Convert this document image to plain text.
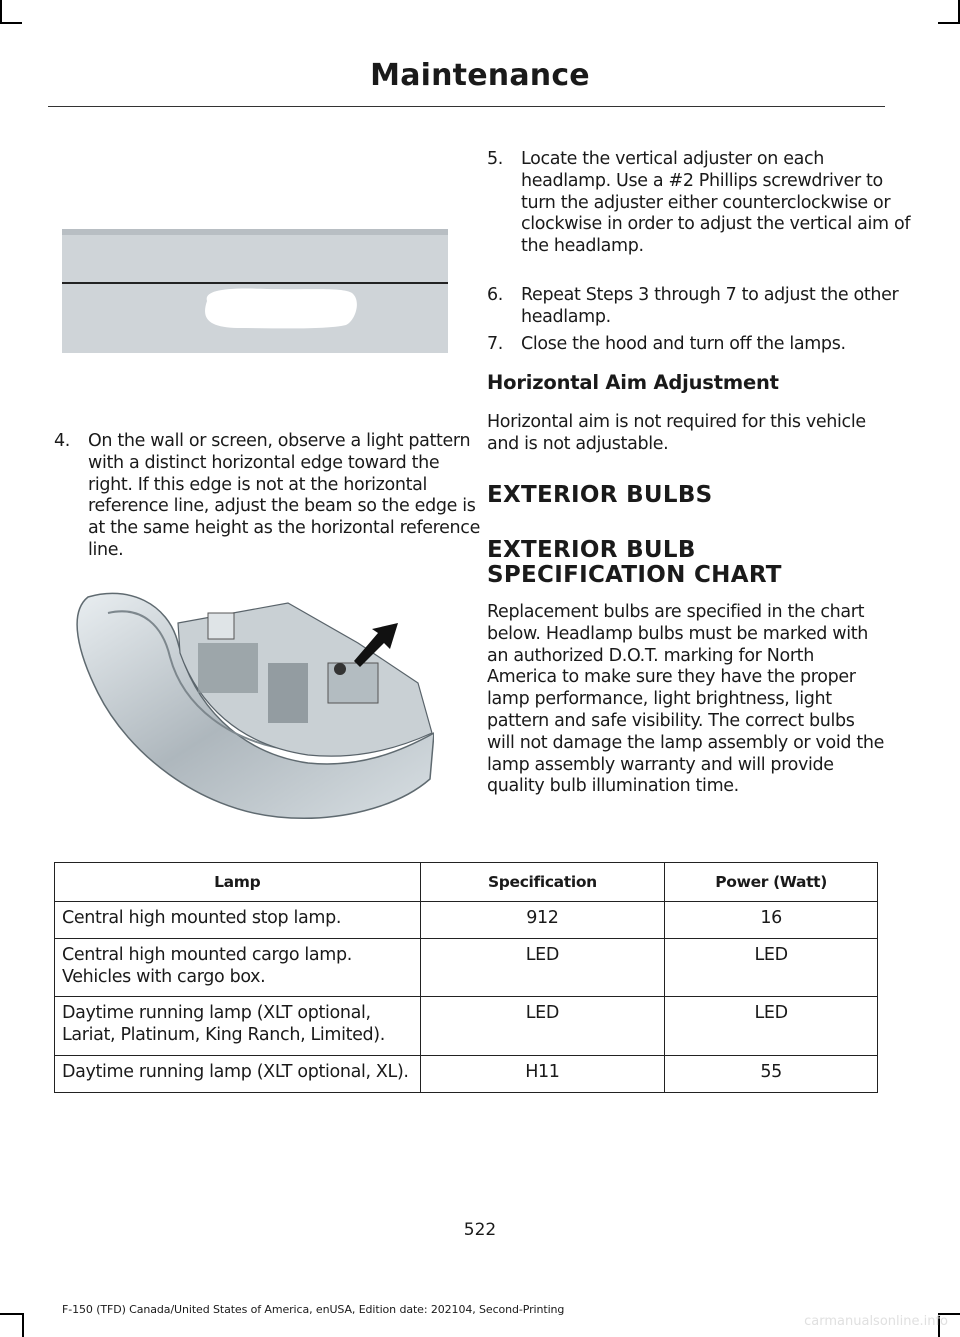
Maintenance
4. On the wall or screen, observe a light pattern with a distinct horizontal edge toward the right. If this edge is not at the horizontal reference line, adjust the beam so the edge is at the same height as the horizontal reference line.
5. Locate the vertical adjuster on each headlamp. Use a #2 Phillips screwdriver to turn the adjuster either counterclockwise or clockwise in order to adjust the vertical aim of the headlamp.
6. Repeat Steps 3 through 7 to adjust the other headlamp.
7. Close the hood and turn off the lamps.
Horizontal Aim Adjustment
Horizontal aim is not required for this vehicle and is not adjustable.
EXTERIOR BULBS
EXTERIOR BULB SPECIFICATION CHART
Replacement bulbs are specified in the chart below. Headlamp bulbs must be marked with an authorized D.O.T. marking for North America to make sure they have the proper lamp performance, light brightness, light pattern and safe visibility. The correct bulbs will not damage the lamp assembly or void the lamp assembly warranty and will provide quality bulb illumination time.
Lamp	Specification	Power (Watt)
Central high mounted stop lamp.	912	16
Central high mounted cargo lamp. Vehicles with cargo box.	LED	LED
Daytime running lamp (XLT optional, Lariat, Platinum, King Ranch, Limited).	LED	LED
Daytime running lamp (XLT optional, XL).	H11	55
522
F-150 (TFD) Canada/United States of America, enUSA, Edition date: 202104, Second-Printing
carmanualsonline.info
